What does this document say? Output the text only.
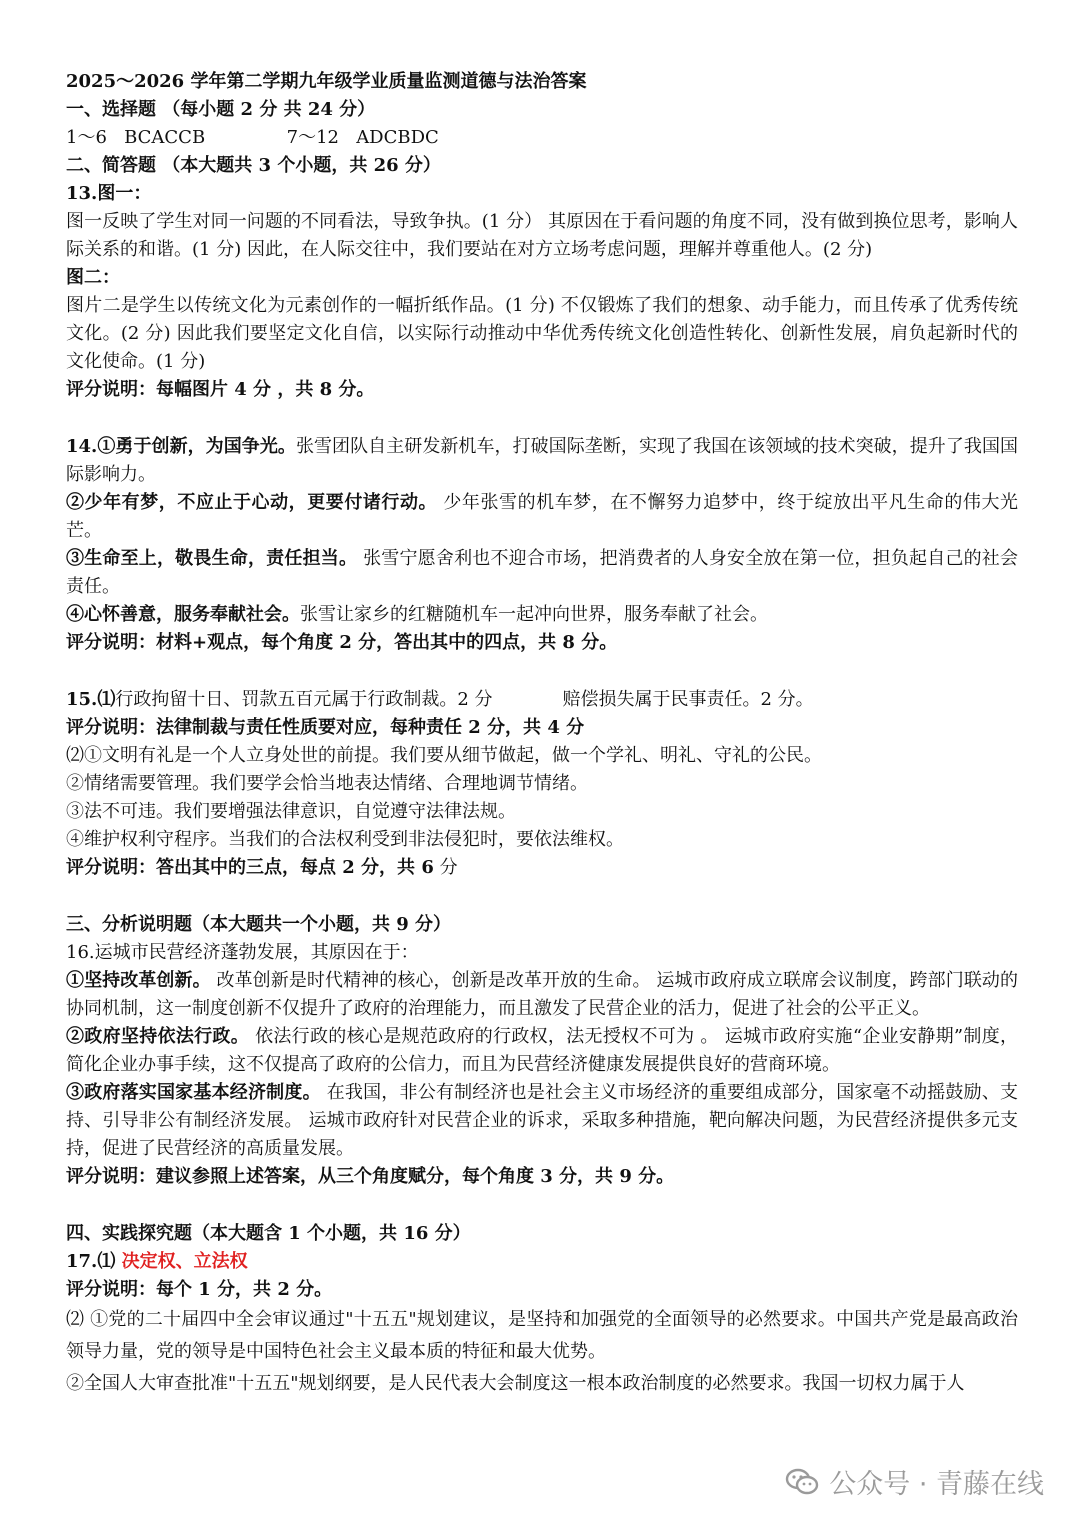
2025～2026 学年第二学期九年级学业质量监测道德与法治答案
一、选择题 （每小题 2 分 共 24 分）
1～6 BCACCB	7～12 ADCBDC
二、简答题 （本大题共 3 个小题，共 26 分）
13.图一：
图一反映了学生对同一问题的不同看法，导致争执。(1 分） 其原因在于看问题的角度不同，没有做到换位思考，影响人际关系的和谐。(1 分) 因此，在人际交往中，我们要站在对方立场考虑问题，理解并尊重他人。(2 分)
图二：
图片二是学生以传统文化为元素创作的一幅折纸作品。(1 分) 不仅锻炼了我们的想象、动手能力，而且传承了优秀传统文化。(2 分) 因此我们要坚定文化自信，以实际行动推动中华优秀传统文化创造性转化、创新性发展，肩负起新时代的文化使命。(1 分)
评分说明：每幅图片 4 分 ，共 8 分。
14.①勇于创新，为国争光。张雪团队自主研发新机车，打破国际垄断，实现了我国在该领域的技术突破，提升了我国国际影响力。
②少年有梦，不应止于心动，更要付诸行动。 少年张雪的机车梦，在不懈努力追梦中，终于绽放出平凡生命的伟大光芒。
③生命至上，敬畏生命，责任担当。 张雪宁愿舍利也不迎合市场，把消费者的人身安全放在第一位，担负起自己的社会责任。
④心怀善意，服务奉献社会。张雪让家乡的红糖随机车一起冲向世界，服务奉献了社会。
评分说明：材料+观点，每个角度 2 分，答出其中的四点，共 8 分。
15.⑴行政拘留十日、罚款五百元属于行政制裁。2 分	赔偿损失属于民事责任。2 分。
评分说明：法律制裁与责任性质要对应，每种责任 2 分，共 4 分
⑵①文明有礼是一个人立身处世的前提。我们要从细节做起，做一个学礼、明礼、守礼的公民。
②情绪需要管理。我们要学会恰当地表达情绪、合理地调节情绪。
③法不可违。我们要增强法律意识，自觉遵守法律法规。
④维护权利守程序。当我们的合法权利受到非法侵犯时，要依法维权。
评分说明：答出其中的三点，每点 2 分，共 6 分
三、分析说明题（本大题共一个小题，共 9 分）
16.运城市民营经济蓬勃发展，其原因在于：
①坚持改革创新。 改革创新是时代精神的核心，创新是改革开放的生命。 运城市政府成立联席会议制度，跨部门联动的协同机制，这一制度创新不仅提升了政府的治理能力，而且激发了民营企业的活力，促进了社会的公平正义。
②政府坚持依法行政。 依法行政的核心是规范政府的行政权，法无授权不可为 。 运城市政府实施“企业安静期”制度，简化企业办事手续，这不仅提高了政府的公信力，而且为民营经济健康发展提供良好的营商环境。
③政府落实国家基本经济制度。 在我国，非公有制经济也是社会主义市场经济的重要组成部分，国家毫不动摇鼓励、支持、引导非公有制经济发展。 运城市政府针对民营企业的诉求，采取多种措施，靶向解决问题，为民营经济提供多元支持，促进了民营经济的高质量发展。
评分说明：建议参照上述答案，从三个角度赋分，每个角度 3 分，共 9 分。
四、实践探究题（本大题含 1 个小题，共 16 分）
17.⑴ 决定权、立法权
评分说明：每个 1 分，共 2 分。
⑵ ①党的二十届四中全会审议通过"十五五"规划建议，是坚持和加强党的全面领导的必然要求。中国共产党是最高政治领导力量，党的领导是中国特色社会主义最本质的特征和最大优势。
②全国人大审查批准"十五五"规划纲要，是人民代表大会制度这一根本政治制度的必然要求。我国一切权力属于人
公众号 · 青藤在线
